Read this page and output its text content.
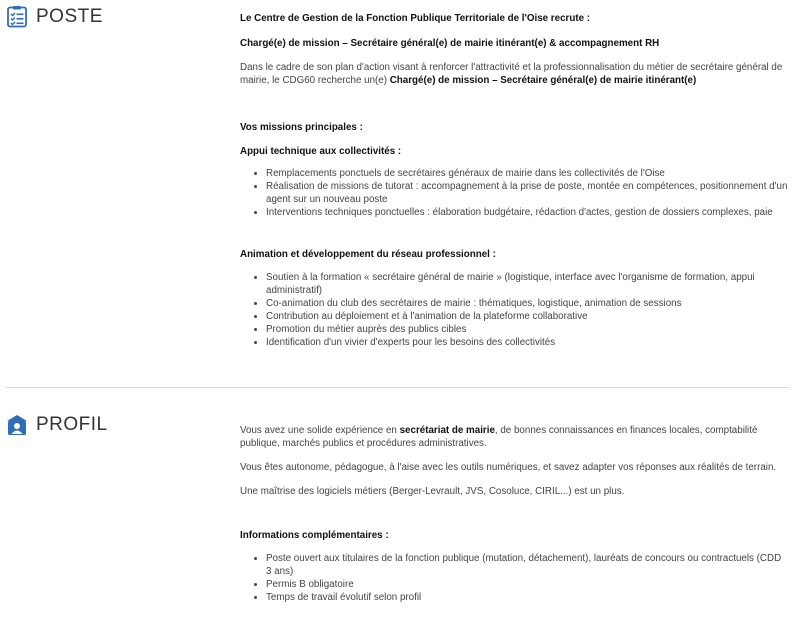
POSTE	Le Centre de Gestion de la Fonction Publique Territoriale de l'Oise recrute :

Chargé(e) de mission – Secrétaire général(e) de mairie itinérant(e) & accompagnement RH

Dans le cadre de son plan d'action visant à renforcer l'attractivité et la professionnalisation du métier de secrétaire général de mairie, le CDG60 recherche un(e) Chargé(e) de mission – Secrétaire général(e) de mairie itinérant(e)

Vos missions principales :

Appui technique aux collectivités :

• Remplacements ponctuels de secrétaires généraux de mairie dans les collectivités de l'Oise
• Réalisation de missions de tutorat : accompagnement à la prise de poste, montée en compétences, positionnement d'un agent sur un nouveau poste
• Interventions techniques ponctuelles : élaboration budgétaire, rédaction d'actes, gestion de dossiers complexes, paie

Animation et développement du réseau professionnel :

• Soutien à la formation « secrétaire général de mairie » (logistique, interface avec l'organisme de formation, appui administratif)
• Co-animation du club des secrétaires de mairie : thématiques, logistique, animation de sessions
• Contribution au déploiement et à l'animation de la plateforme collaborative
• Promotion du métier auprès des publics cibles
• Identification d'un vivier d'experts pour les besoins des collectivités
PROFIL	Vous avez une solide expérience en secrétariat de mairie, de bonnes connaissances en finances locales, comptabilité publique, marchés publics et procédures administratives.

Vous êtes autonome, pédagogue, à l'aise avec les outils numériques, et savez adapter vos réponses aux réalités de terrain.

Une maîtrise des logiciels métiers (Berger-Levrault, JVS, Cosoluce, CIRIL...) est un plus.

Informations complémentaires :

• Poste ouvert aux titulaires de la fonction publique (mutation, détachement), lauréats de concours ou contractuels (CDD 3 ans)
• Permis B obligatoire
• Temps de travail évolutif selon profil
